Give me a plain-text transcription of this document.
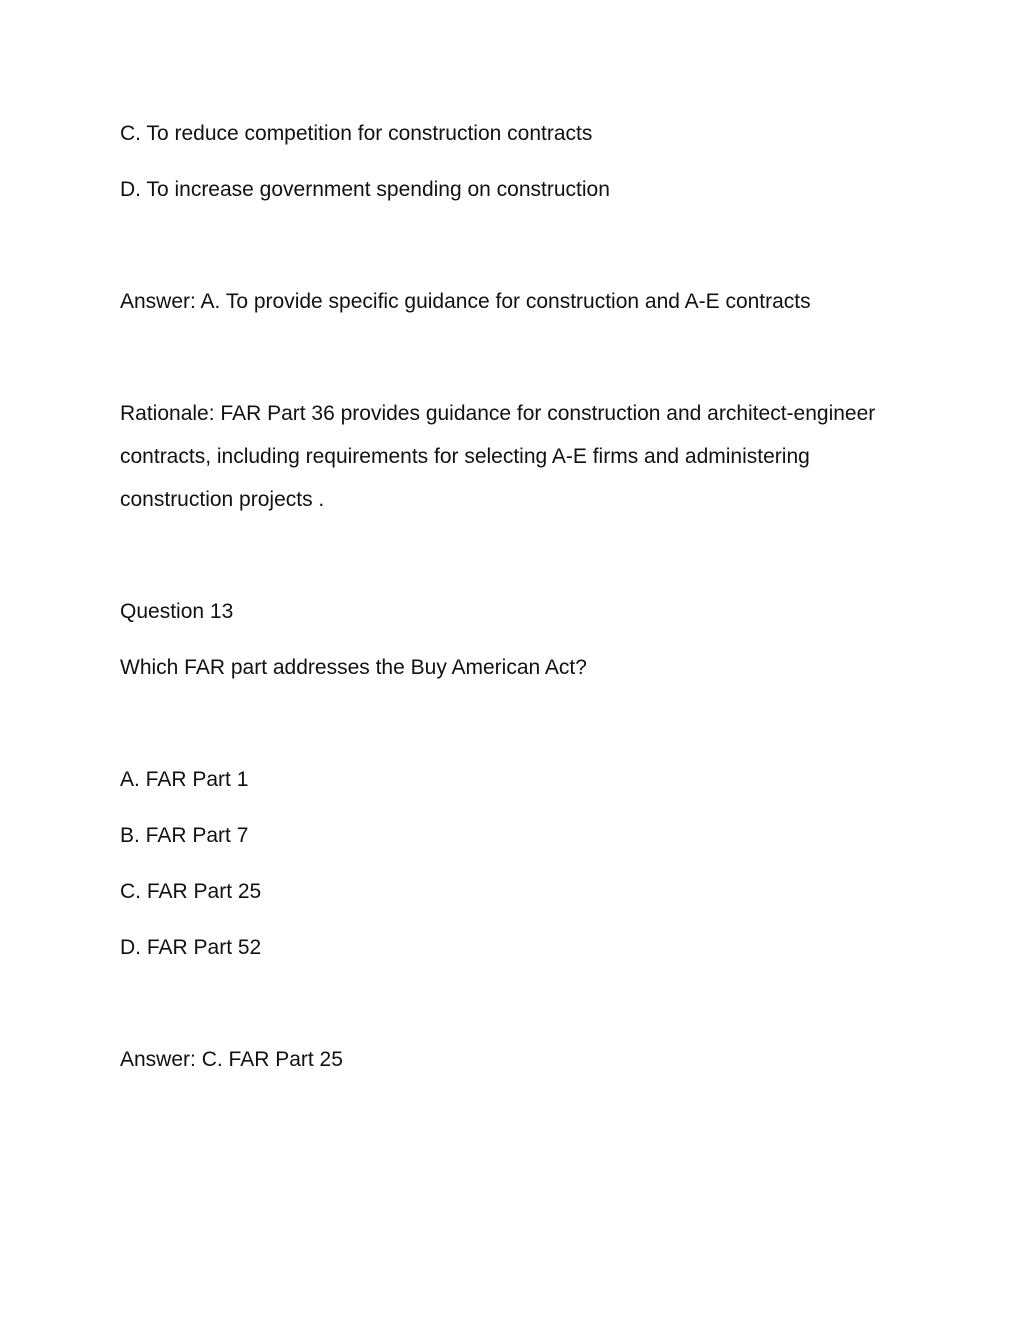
C. To reduce competition for construction contracts
D. To increase government spending on construction
Answer: A. To provide specific guidance for construction and A-E contracts
Rationale: FAR Part 36 provides guidance for construction and architect-engineer
contracts, including requirements for selecting A-E firms and administering
construction projects .
Question 13
Which FAR part addresses the Buy American Act?
A. FAR Part 1
B. FAR Part 7
C. FAR Part 25
D. FAR Part 52
Answer: C. FAR Part 25
